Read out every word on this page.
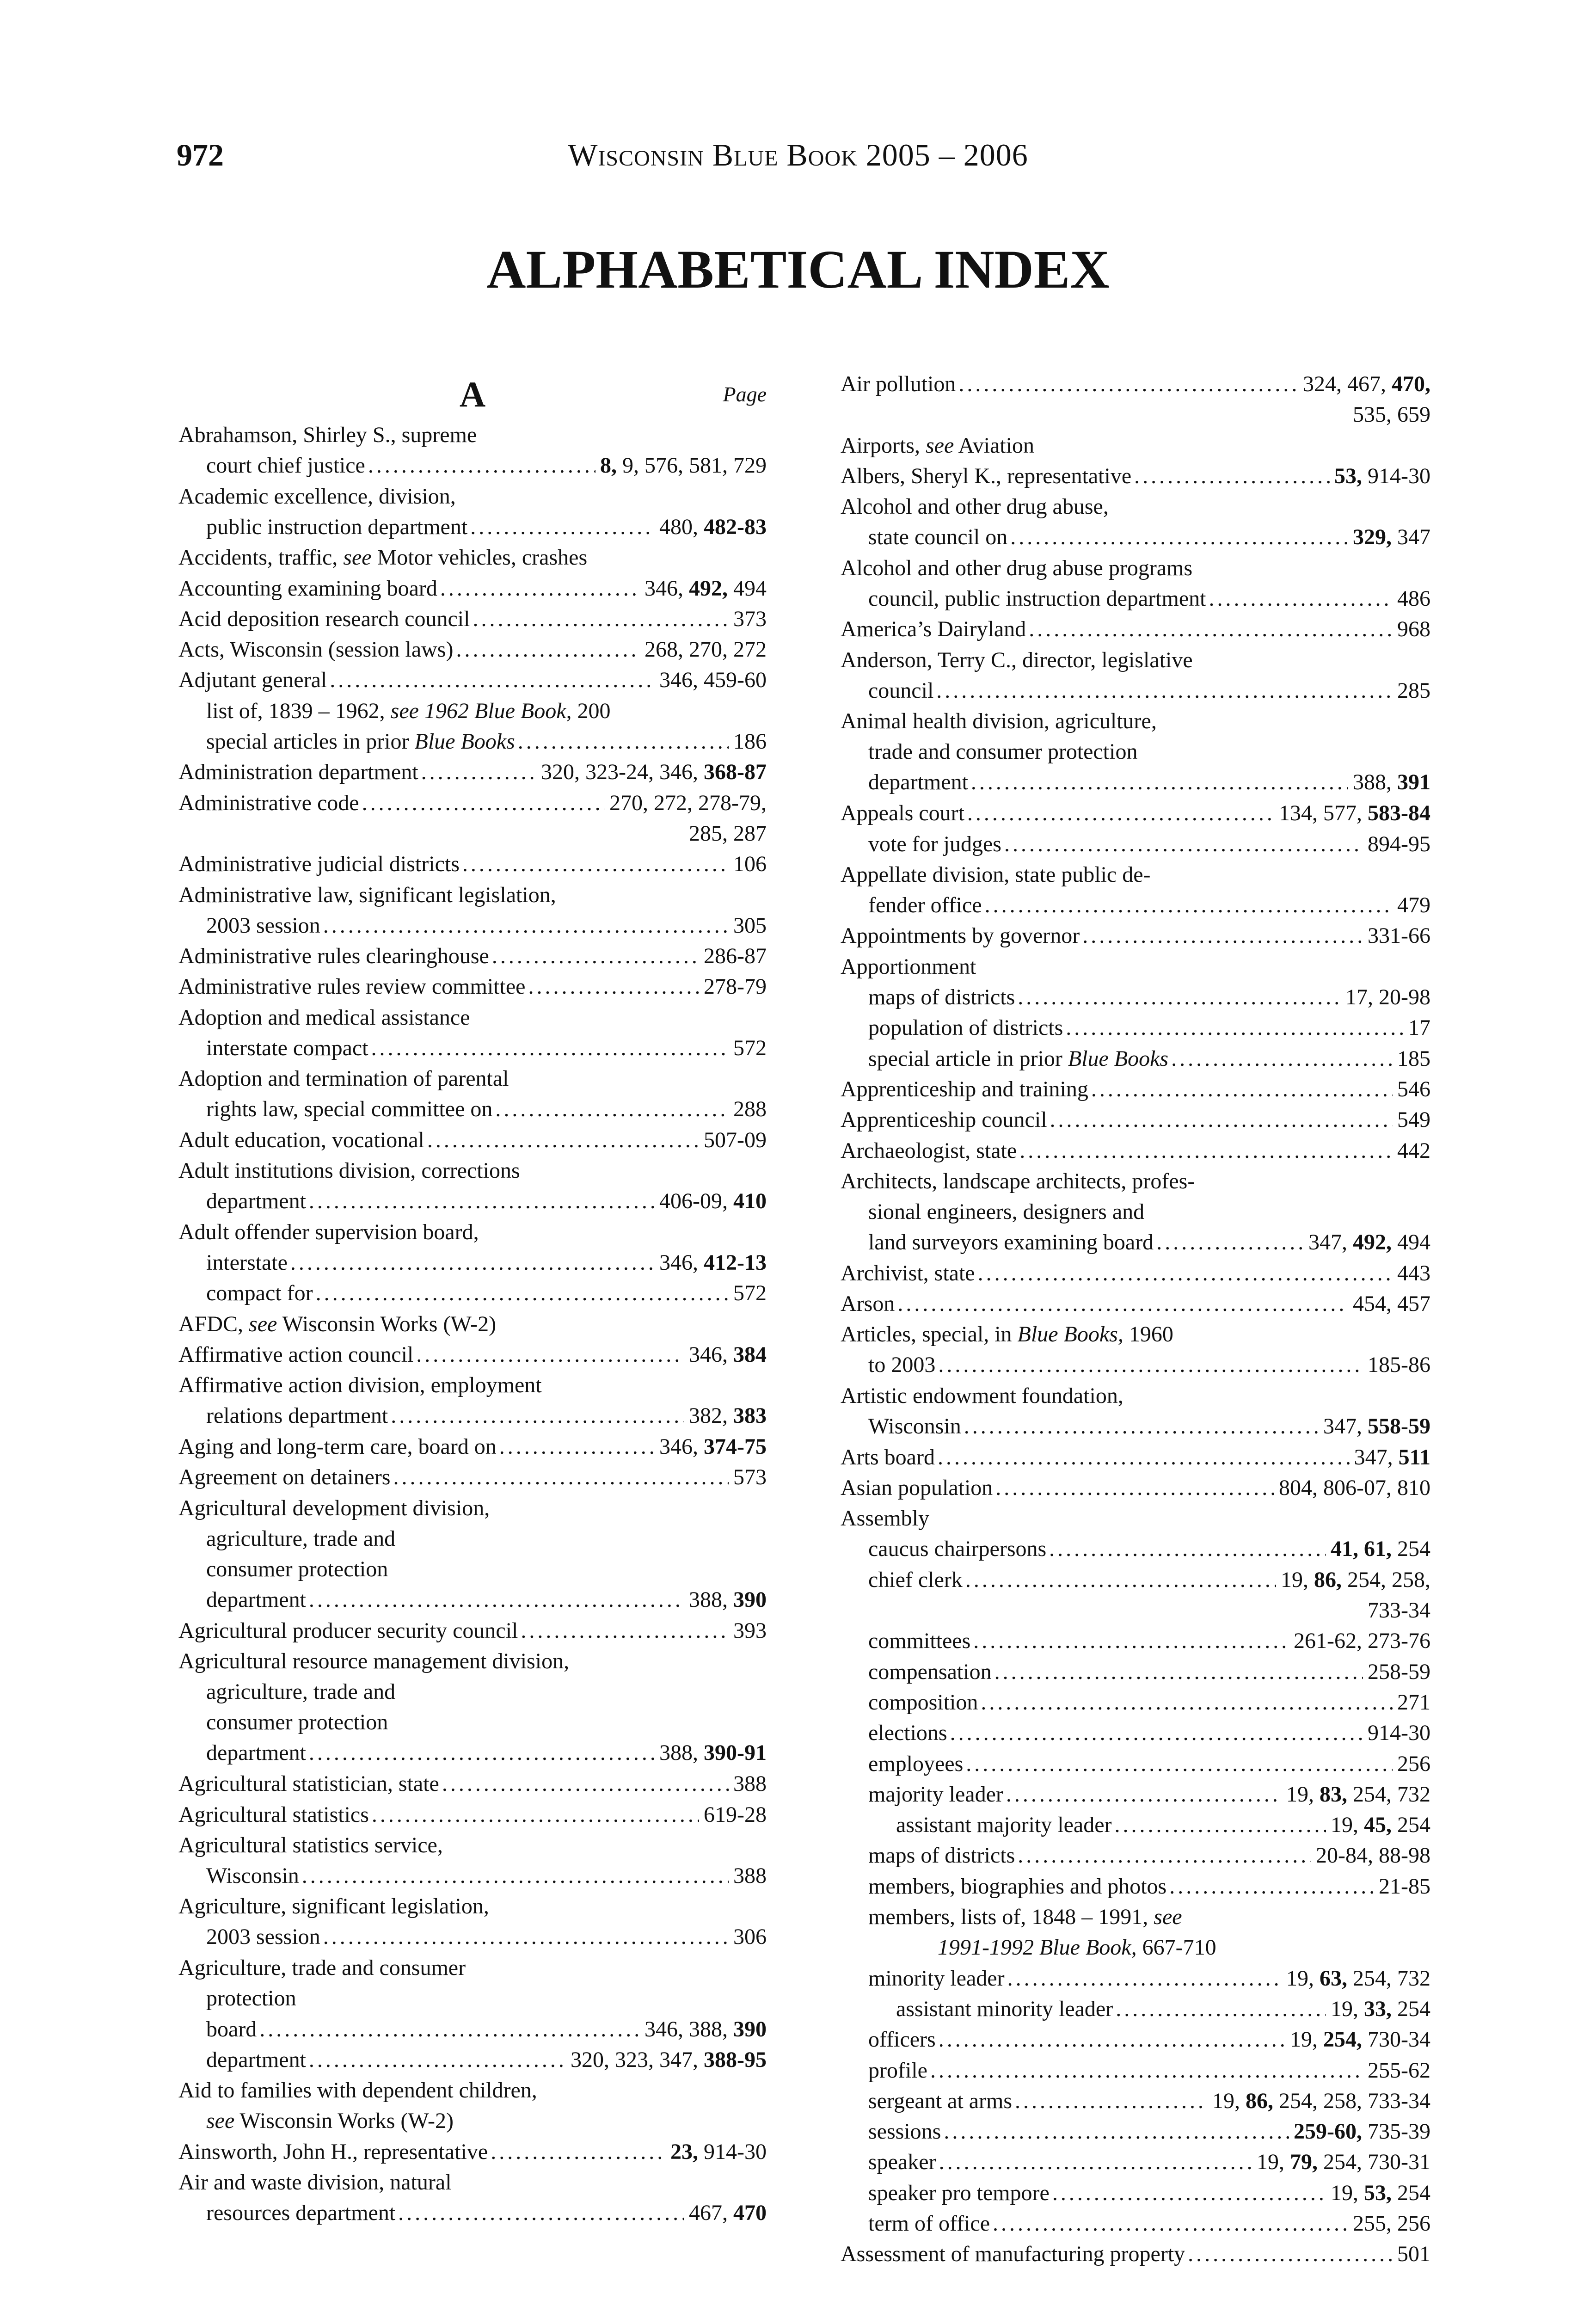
972	Wisconsin Blue Book 2005 – 2006
ALPHABETICAL INDEX
A	Page
Abrahamson, Shirley S., supreme
court chief justice .....	8, 9, 576, 581, 729
Academic excellence, division,
public instruction department .....	480, 482-83
Accidents, traffic, see Motor vehicles, crashes
Accounting examining board .....	346, 492, 494
Acid deposition research council .....	373
Acts, Wisconsin (session laws) .....	268, 270, 272
Adjutant general .....	346, 459-60
list of, 1839 – 1962, see 1962 Blue Book, 200
special articles in prior Blue Books .....	186
Administration department .....	320, 323-24, 346, 368-87
Administrative code .....	270, 272, 278-79,
285, 287
Administrative judicial districts .....	106
Administrative law, significant legislation,
2003 session .....	305
Administrative rules clearinghouse .....	286-87
Administrative rules review committee .....	278-79
Adoption and medical assistance
interstate compact .....	572
Adoption and termination of parental
rights law, special committee on .....	288
Adult education, vocational .....	507-09
Adult institutions division, corrections
department .....	406-09, 410
Adult offender supervision board,
interstate .....	346, 412-13
compact for .....	572
AFDC, see Wisconsin Works (W-2)
Affirmative action council .....	346, 384
Affirmative action division, employment
relations department .....	382, 383
Aging and long-term care, board on .....	346, 374-75
Agreement on detainers .....	573
Agricultural development division,
agriculture, trade and
consumer protection
department .....	388, 390
Agricultural producer security council .....	393
Agricultural resource management division,
agriculture, trade and
consumer protection
department .....	388, 390-91
Agricultural statistician, state .....	388
Agricultural statistics .....	619-28
Agricultural statistics service,
Wisconsin .....	388
Agriculture, significant legislation,
2003 session .....	306
Agriculture, trade and consumer
protection
board .....	346, 388, 390
department .....	320, 323, 347, 388-95
Aid to families with dependent children,
see Wisconsin Works (W-2)
Ainsworth, John H., representative .....	23, 914-30
Air and waste division, natural
resources department .....	467, 470
Air pollution .....	324, 467, 470,
535, 659
Airports, see Aviation
Albers, Sheryl K., representative .....	53, 914-30
Alcohol and other drug abuse,
state council on .....	329, 347
Alcohol and other drug abuse programs
council, public instruction department .....	486
America’s Dairyland .....	968
Anderson, Terry C., director, legislative
council .....	285
Animal health division, agriculture,
trade and consumer protection
department .....	388, 391
Appeals court .....	134, 577, 583-84
vote for judges .....	894-95
Appellate division, state public de-
fender office .....	479
Appointments by governor .....	331-66
Apportionment
maps of districts .....	17, 20-98
population of districts .....	17
special article in prior Blue Books .....	185
Apprenticeship and training .....	546
Apprenticeship council .....	549
Archaeologist, state .....	442
Architects, landscape architects, profes-
sional engineers, designers and
land surveyors examining board .....	347, 492, 494
Archivist, state .....	443
Arson .....	454, 457
Articles, special, in Blue Books, 1960
to 2003 .....	185-86
Artistic endowment foundation,
Wisconsin .....	347, 558-59
Arts board .....	347, 511
Asian population .....	804, 806-07, 810
Assembly
caucus chairpersons .....	41, 61, 254
chief clerk .....	19, 86, 254, 258,
733-34
committees .....	261-62, 273-76
compensation .....	258-59
composition .....	271
elections .....	914-30
employees .....	256
majority leader .....	19, 83, 254, 732
assistant majority leader .....	19, 45, 254
maps of districts .....	20-84, 88-98
members, biographies and photos .....	21-85
members, lists of, 1848 – 1991, see
1991-1992 Blue Book, 667-710
minority leader .....	19, 63, 254, 732
assistant minority leader .....	19, 33, 254
officers .....	19, 254, 730-34
profile .....	255-62
sergeant at arms .....	19, 86, 254, 258, 733-34
sessions .....	259-60, 735-39
speaker .....	19, 79, 254, 730-31
speaker pro tempore .....	19, 53, 254
term of office .....	255, 256
Assessment of manufacturing property .....	501
